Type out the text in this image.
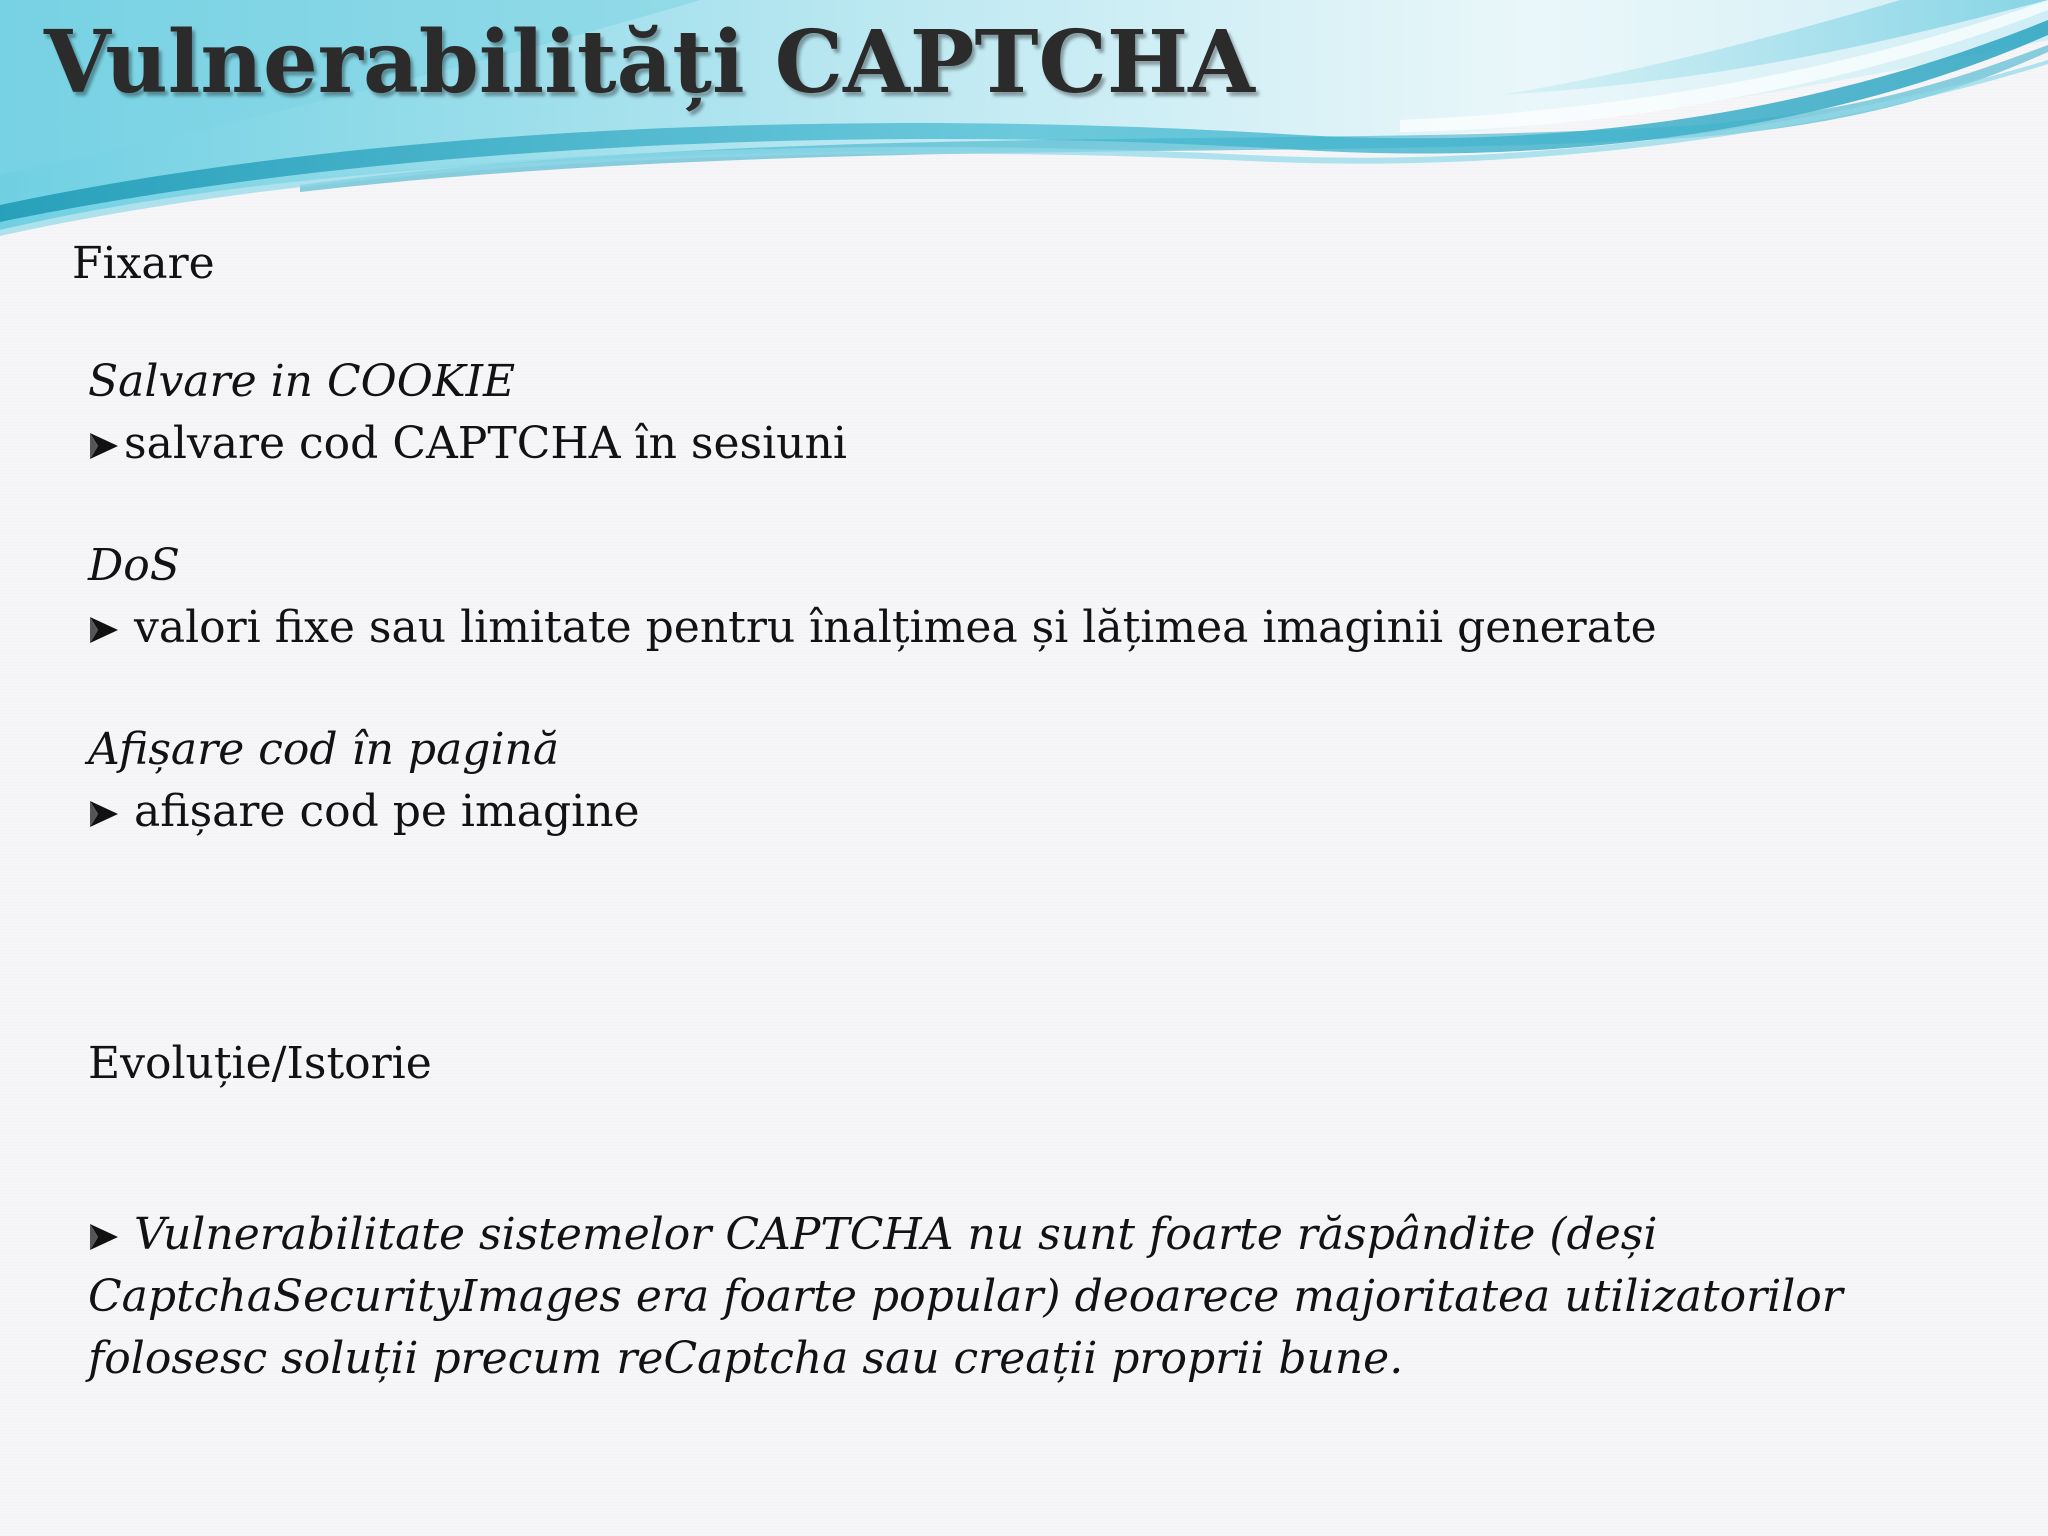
Vulnerabilități CAPTCHA

Fixare

Salvare in COOKIE

salvare cod CAPTCHA în sesiuni

DoS

valori fixe sau limitate pentru înalțimea și lățimea imaginii generate

Afișare cod în pagină

afișare cod pe imagine

Evoluție/Istorie

Vulnerabilitate sistemelor CAPTCHA nu sunt foarte răspândite (deși CaptchaSecurityImages era foarte popular) deoarece majoritatea utilizatorilor folosesc soluții precum reCaptcha sau creații proprii bune.
